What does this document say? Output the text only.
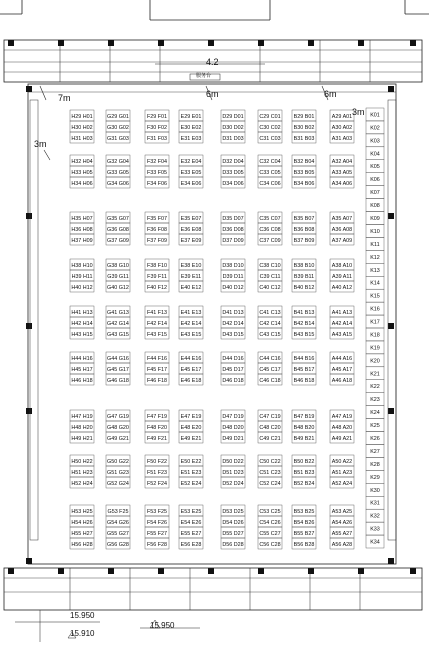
H29 H01
H30 H02
H31 H03
H32 H04
H33 H05
H34 H06
H35 H07
H36 H08
H37 H09
H38 H10
H39 H11
H40 H12
H41 H13
H42 H14
H43 H15
H44 H16
H45 H17
H46 H18
H47 H19
H48 H20
H49 H21
H50 H22
H51 H23
H52 H24
H53 H25
H54 H26
H55 H27
H56 H28
G29 G01
G30 G02
G31 G03
G32 G04
G33 G05
G34 G06
G35 G07
G36 G08
G37 G09
G38 G10
G39 G11
G40 G12
G41 G13
G42 G14
G43 G15
G44 G16
G45 G17
G46 G18
G47 G19
G48 G20
G49 G21
G50 G22
G51 G23
G52 G24
G53 F25
G54 G26
G55 G27
G56 G28
F29 F01
F30 F02
F31 F03
F32 F04
F33 F05
F34 F06
F35 F07
F36 F08
F37 F09
F38 F10
F39 F11
F40 F12
F41 F13
F42 F14
F43 F15
F44 F16
F45 F17
F46 F18
F47 F19
F48 F20
F49 F21
F50 F22
F51 F23
F52 F24
F53 F25
F54 F26
F55 F27
F56 F28
E29 E01
E30 E02
E31 E03
E32 E04
E33 E05
E34 E06
E35 E07
E36 E08
E37 E09
E38 E10
E39 E11
E40 E12
E41 E13
E42 E14
E43 E15
E44 E16
E45 E17
E46 E18
E47 E19
E48 E20
E49 E21
E50 E22
E51 E23
E52 E24
E53 E25
E54 E26
E55 E27
E56 E28
D29 D01
D30 D02
D31 D03
D32 D04
D33 D05
D34 D06
D35 D07
D36 D08
D37 D09
D38 D10
D39 D11
D40 D12
D41 D13
D42 D14
D43 D15
D44 D16
D45 D17
D46 D18
D47 D19
D48 D20
D49 D21
D50 D22
D51 D23
D52 D24
D53 D25
D54 D26
D55 D27
D56 D28
C29 C01
C30 C02
C31 C03
C32 C04
C33 C05
C34 C06
C35 C07
C36 C08
C37 C09
C38 C10
C39 C11
C40 C12
C41 C13
C42 C14
C43 C15
C44 C16
C45 C17
C46 C18
C47 C19
C48 C20
C49 C21
C50 C22
C51 C23
C52 C24
C53 C25
C54 C26
C55 C27
C56 C28
B29 B01
B30 B02
B31 B03
B32 B04
B33 B05
B34 B06
B35 B07
B36 B08
B37 B09
B38 B10
B39 B11
B40 B12
B41 B13
B42 B14
B43 B15
B44 B16
B45 B17
B46 B18
B47 B19
B48 B20
B49 B21
B50 B22
B51 B23
B52 B24
B53 B25
B54 B26
B55 B27
B56 B28
A29 A01
A30 A02
A31 A03
A32 A04
A33 A05
A34 A06
A35 A07
A36 A08
A37 A09
A38 A10
A39 A11
A40 A12
A41 A13
A42 A14
A43 A15
A44 A16
A45 A17
A46 A18
A47 A19
A48 A20
A49 A21
A50 A22
A51 A23
A52 A24
A53 A25
A54 A26
A55 A27
A56 A28
K01
K02
K03
K04
K05
K06
K07
K08
K09
K10
K11
K12
K13
K14
K15
K16
K17
K18
K19
K20
K21
K22
K23
K24
K25
K26
K27
K28
K29
K30
K31
K32
K33
K34
4.2
服务台
7m	6m	6m
3m
3m
15.950
15.950
15.910
